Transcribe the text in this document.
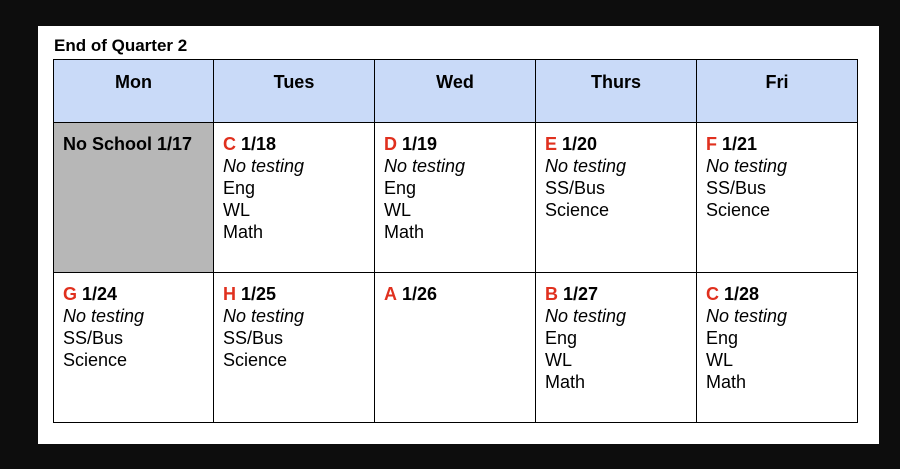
End of Quarter 2
Mon	Tues	Wed	Thurs	Fri

No School 1/17	C 1/18
No testing
Eng
WL
Math	D 1/19
No testing
Eng
WL
Math	E 1/20
No testing
SS/Bus
Science	F 1/21
No testing
SS/Bus
Science

G 1/24
No testing
SS/Bus
Science	H 1/25
No testing
SS/Bus
Science	A 1/26	B 1/27
No testing
Eng
WL
Math	C 1/28
No testing
Eng
WL
Math
